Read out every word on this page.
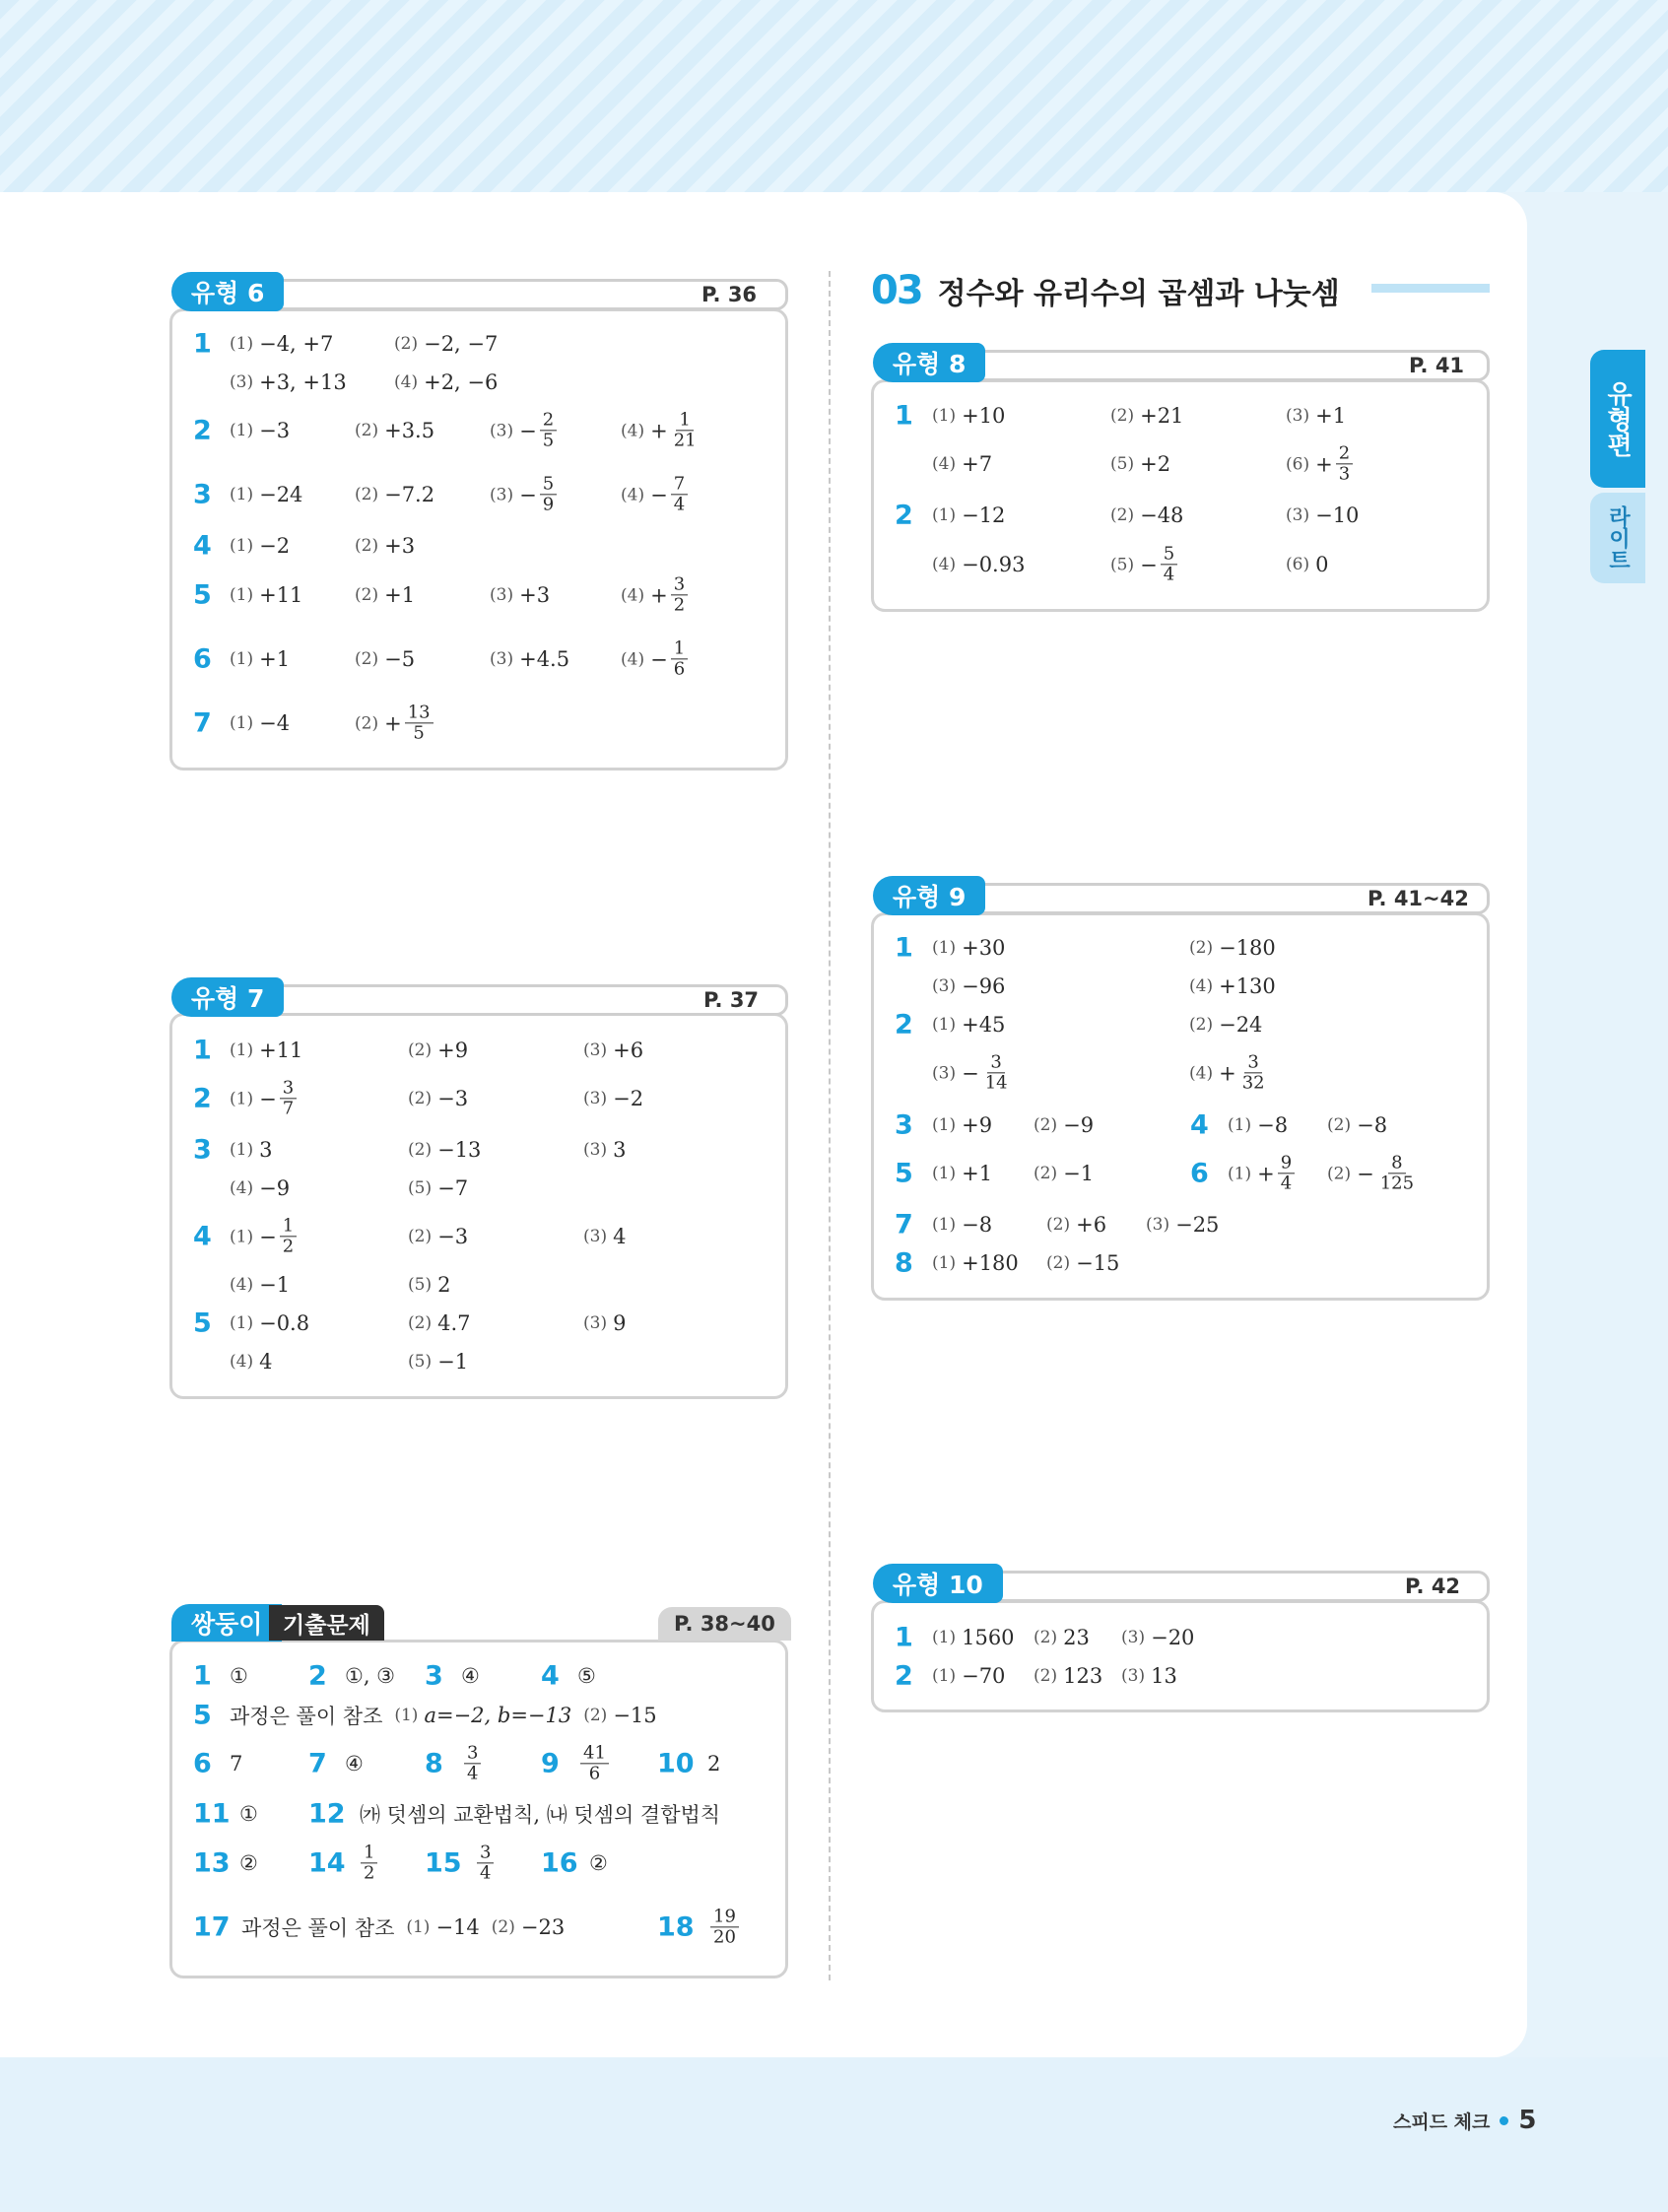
유형편
라이트
유형 6	P. 36
1 (1) −4, +7	(2) −2, −7
(3) +3, +13	(4) +2, −6
2 (1) −3	(2) +3.5	$(3) - \frac{2}{5}$	$(4) + \frac{1}{21}$
3 (1) −24	(2) −7.2	$(3) - \frac{5}{9}$	$(4) - \frac{7}{4}$
4 (1) −2	(2) +3
5 (1) +11	(2) +1	(3) +3	$(4) + \frac{3}{2}$
6 (1) +1	(2) −5	(3) +4.5	$(4) - \frac{1}{6}$
7 (1) −4	$(2) + \frac{13}{5}$
유형 7	P. 37
1 (1) +11	(2) +9	(3) +6
2 $(1) - \frac{3}{7}$	(2) −3	(3) −2
3 (1) 3	(2) −13	(3) 3
(4) −9	(5) −7
4 $(1) - \frac{1}{2}$	(2) −3	(3) 4
(4) −1	(5) 2
5 (1) −0.8	(2) 4.7	(3) 9
(4) 4	(5) −1
P. 38~40
쌍둥이 기출문제
1 ① 2 ①, ③ 3 ④ 4 ⑤
5 과정은 풀이 참조 (1) a=−2, b=−13 (2) −15
6 7 7 ④ $8 \frac{3}{4} 9 \frac{41}{6} 10$ 2
11 ① 12 ㈎ 덧셈의 교환법칙, ㈏ 덧셈의 결합법칙
13 ② $14 \frac{1}{2} 15 \frac{3}{4} 16$ ②
17 과정은 풀이 참조 (1) −14 (2) −23	$18 \frac{19}{20}$
03 정수와 유리수의 곱셈과 나눗셈
유형 8	P. 41
1 (1) +10	(2) +21	(3) +1
(4) +7	(5) +2	$(6) + \frac{2}{3}$
2 (1) −12	(2) −48	(3) −10
(4) −0.93	$(5) - \frac{5}{4}$	(6) 0
유형 9	P. 41~42
1 (1) +30	(2) −180
(3) −96	(4) +130
2 (1) +45	(2) −24
$(3) - \frac{3}{14}$	$(4) + \frac{3}{32}$
3 (1) +9 (2) −9	4 (1) −8 (2) −8
5 (1) +1 (2) −1	6 $(1) + \frac{9}{4} (2) - \frac{8}{125}$
7 (1) −8	(2) +6 (3) −25
8 (1) +180 (2) −15
유형 10	P. 42
1 (1) 1560 (2) 23 (3) −20
2 (1) −70 (2) 123 (3) 13
스피드 체크 5
